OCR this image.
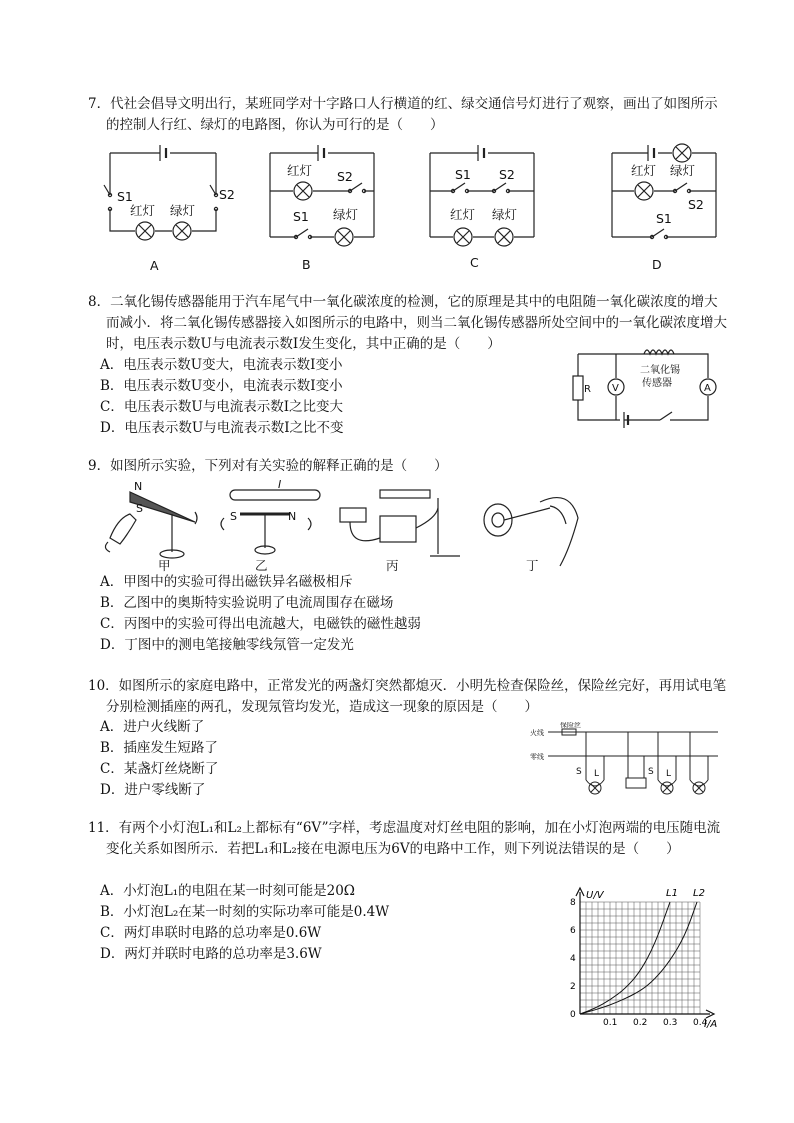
7．代社会倡导文明出行，某班同学对十字路口人行横道的红、绿交通信号灯进行了观察，画出了如图所示的控制人行红、绿灯的电路图，你认为可行的是（　　）
S1	S2
红灯 绿灯
A
红灯 S2
S1 绿灯
B
S1 S2
红灯 绿灯
C
红灯 绿灯
S2
S1
D
8．二氧化锡传感器能用于汽车尾气中一氧化碳浓度的检测，它的原理是其中的电阻随一氧化碳浓度的增大而减小．将二氧化锡传感器接入如图所示的电路中，则当二氧化锡传感器所处空间中的一氧化碳浓度增大时，电压表示数U与电流表示数I发生变化，其中正确的是（　　）
A．电压表示数U变大，电流表示数I变小
B．电压表示数U变小，电流表示数I变小
C．电压表示数U与电流表示数I之比变大
D．电压表示数U与电流表示数I之比不变
R V	A
二氧化锡
传感器
9．如图所示实验，下列对有关实验的解释正确的是（　　）
N
S
I
S	N
甲	乙	丙	丁
A．甲图中的实验可得出磁铁异名磁极相斥
B．乙图中的奥斯特实验说明了电流周围存在磁场
C．丙图中的实验可得出电流越大，电磁铁的磁性越弱
D．丁图中的测电笔接触零线氖管一定发光
10．如图所示的家庭电路中，正常发光的两盏灯突然都熄灭．小明先检查保险丝，保险丝完好，再用试电笔分别检测插座的两孔，发现氖管均发光，造成这一现象的原因是（　　）
A．进户火线断了
B．插座发生短路了
C．某盏灯丝烧断了
D．进户零线断了
火线
零线
保险丝
S L	S L
11．有两个小灯泡L₁和L₂上都标有“6V”字样，考虑温度对灯丝电阻的影响，加在小灯泡两端的电压随电流变化关系如图所示．若把L₁和L₂接在电源电压为6V的电路中工作，则下列说法错误的是（　　）
A．小灯泡L₁的电阻在某一时刻可能是20Ω
B．小灯泡L₂在某一时刻的实际功率可能是0.4W
C．两灯串联时电路的总功率是0.6W
D．两灯并联时电路的总功率是3.6W
0.1 0.2 0.3 0.4
0
2
4
6
8
L1 L2
U/V
I/A
